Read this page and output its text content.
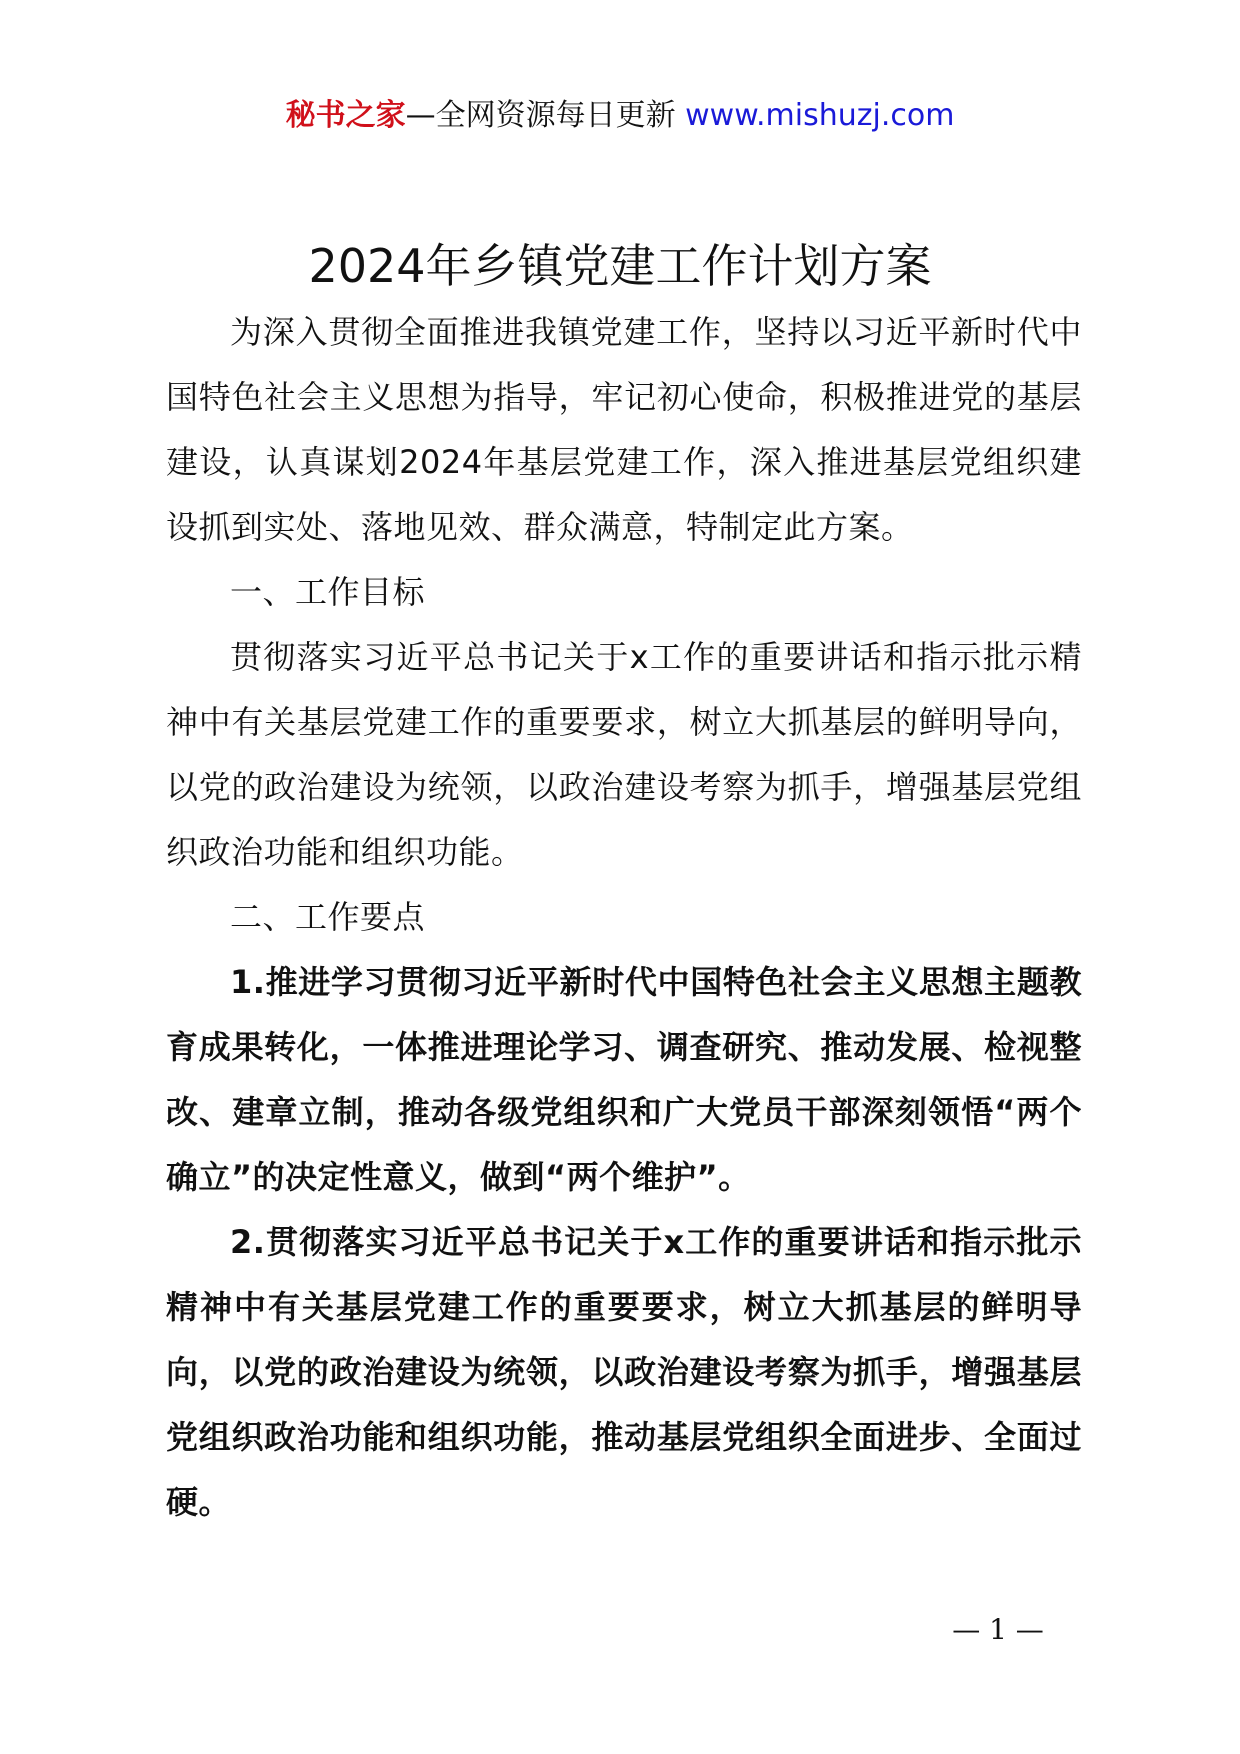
秘书之家—全网资源每日更新 www.mishuzj.com
2024年乡镇党建工作计划方案

为深入贯彻全面推进我镇党建工作，坚持以习近平新时代中国特色社会主义思想为指导，牢记初心使命，积极推进党的基层建设，认真谋划2024年基层党建工作，深入推进基层党组织建设抓到实处、落地见效、群众满意，特制定此方案。

一、工作目标

贯彻落实习近平总书记关于x工作的重要讲话和指示批示精神中有关基层党建工作的重要要求，树立大抓基层的鲜明导向，以党的政治建设为统领，以政治建设考察为抓手，增强基层党组织政治功能和组织功能。

二、工作要点

1.推进学习贯彻习近平新时代中国特色社会主义思想主题教育成果转化，一体推进理论学习、调查研究、推动发展、检视整改、建章立制，推动各级党组织和广大党员干部深刻领悟“两个确立”的决定性意义，做到“两个维护”。

2.贯彻落实习近平总书记关于x工作的重要讲话和指示批示精神中有关基层党建工作的重要要求，树立大抓基层的鲜明导向，以党的政治建设为统领，以政治建设考察为抓手，增强基层党组织政治功能和组织功能，推动基层党组织全面进步、全面过硬。

— 1 —
